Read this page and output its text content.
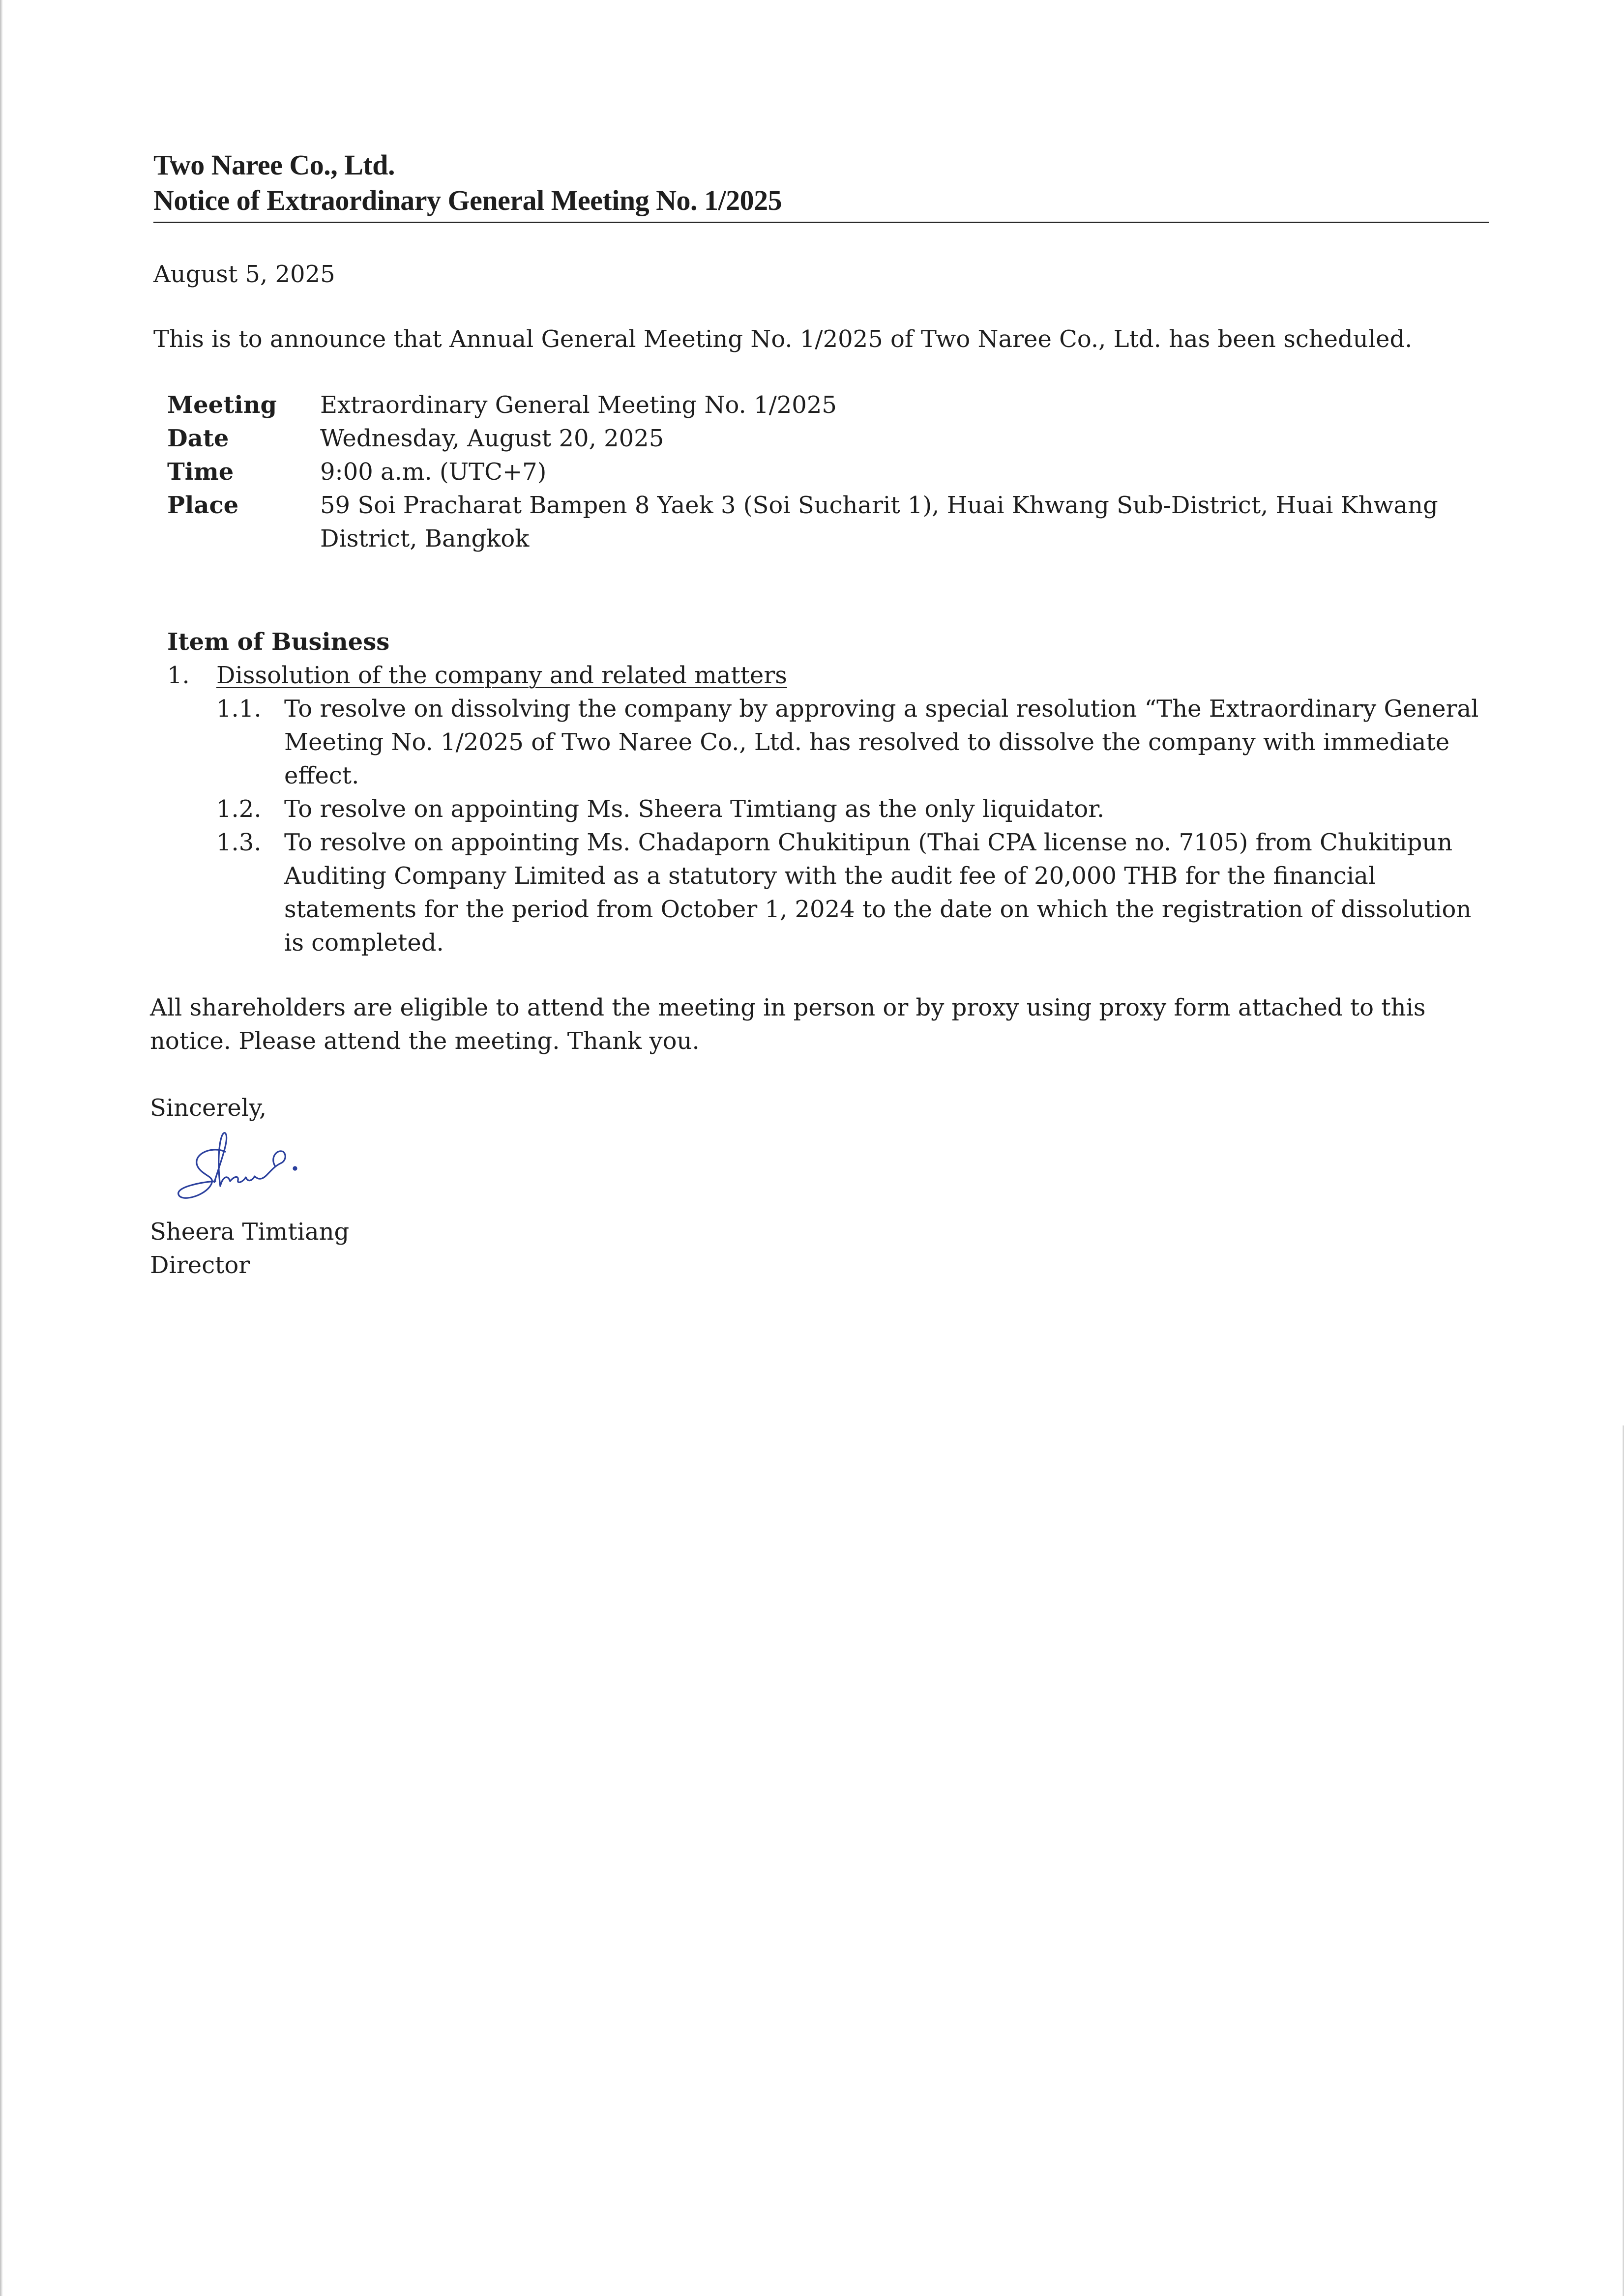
Two Naree Co., Ltd.
Notice of Extraordinary General Meeting No. 1/2025
August 5, 2025
This is to announce that Annual General Meeting No. 1/2025 of Two Naree Co., Ltd. has been scheduled.
Meeting	Extraordinary General Meeting No. 1/2025
Date	Wednesday, August 20, 2025
Time	9:00 a.m. (UTC+7)
Place	59 Soi Pracharat Bampen 8 Yaek 3 (Soi Sucharit 1), Huai Khwang Sub-District, Huai Khwang District, Bangkok
Item of Business
1.	Dissolution of the company and related matters
1.1. To resolve on dissolving the company by approving a special resolution “The Extraordinary General Meeting No. 1/2025 of Two Naree Co., Ltd. has resolved to dissolve the company with immediate effect.
1.2. To resolve on appointing Ms. Sheera Timtiang as the only liquidator.
1.3. To resolve on appointing Ms. Chadaporn Chukitipun (Thai CPA license no. 7105) from Chukitipun Auditing Company Limited as a statutory with the audit fee of 20,000 THB for the financial statements for the period from October 1, 2024 to the date on which the registration of dissolution is completed.
All shareholders are eligible to attend the meeting in person or by proxy using proxy form attached to this notice. Please attend the meeting. Thank you.
Sincerely,
Sheera Timtiang
Director
